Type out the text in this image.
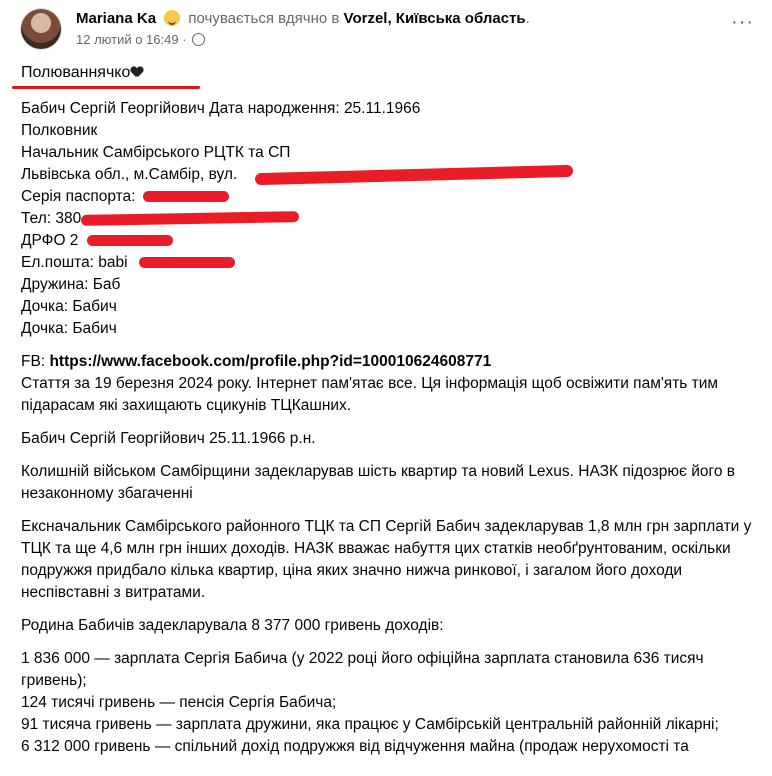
Mariana Ka почувається вдячно в Vorzel, Київська область.
12 лютий о 16:49 ·
···

Полюваннячко

Бабич Сергій Георгійович Дата народження: 25.11.1966

Полковник

Начальник Самбірського РЦТК та СП

Львівська обл., м.Самбір, вул.

Серія паспорта:

Тел: 380

ДРФО 2

Ел.пошта: babi

Дружина: Баб

Дочка: Бабич

Дочка: Бабич

FB: https://www.facebook.com/profile.php?id=100010624608771

Стаття за 19 березня 2024 року. Інтернет пам'ятає все. Ця інформація щоб освіжити пам'ять тим підарасам які захищають сцикунів ТЦКашних.

Бабич Сергій Георгійович 25.11.1966 р.н.

Колишній військом Самбірщини задекларував шість квартир та новий Lexus. НАЗК підозрює його в незаконному збагаченні

Ексначальник Самбірського районного ТЦК та СП Сергій Бабич задекларував 1,8 млн грн зарплати у ТЦК та ще 4,6 млн грн інших доходів. НАЗК вважає набуття цих статків необґрунтованим, оскільки подружжя придбало кілька квартир, ціна яких значно нижча ринкової, і загалом його доходи неспівставні з витратами.

Родина Бабичів задекларувала 8 377 000 гривень доходів:

1 836 000 — зарплата Сергія Бабича (у 2022 році його офіційна зарплата становила 636 тисяч гривень);

124 тисячі гривень — пенсія Сергія Бабича;

91 тисяча гривень — зарплата дружини, яка працює у Самбірській центральній районній лікарні;

6 312 000 гривень — спільний дохід подружжя від відчуження майна (продаж нерухомості та
